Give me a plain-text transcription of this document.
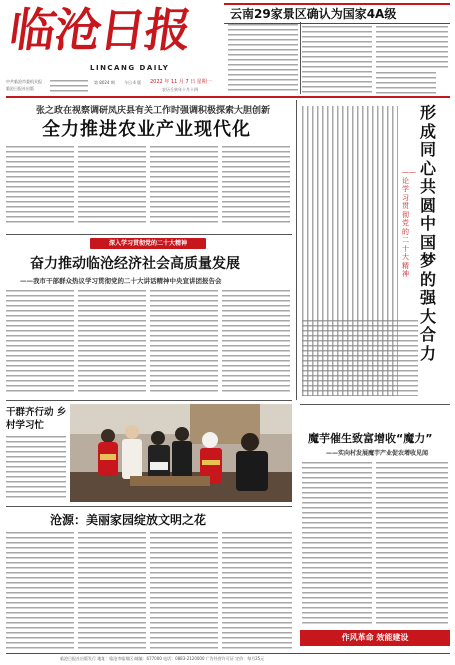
临沧日报
LINCANG DAILY
中共临沧市委机关报
临沧日报社出版
第 8024 期 今日 4 版 2022 年 11 月 7 日 星期一
农历壬寅年十月十四
云南29家景区确认为国家4A级
张之政在视察调研凤庆县有关工作时强调积极探索大胆创新
全力推进农业产业现代化
深入学习贯彻党的二十大精神
奋力推动临沧经济社会高质量发展
——我市干部群众热议学习贯彻党的二十大讲话精神中央宣讲团报告会
干群齐行动 乡村学习忙
沧源：美丽家园绽放文明之花
形成同心共圆中国梦的强大合力
——论学习贯彻党的二十大精神
魔芋催生致富增收“魔力”
——实向村发展魔芋产业促农增收见闻
作风革命 效能建设
临沧日报社出版发行 地址：临沧市临翔区 邮编：677000 电话：0883-2120000 广告经营许可证 定价：每月25元
